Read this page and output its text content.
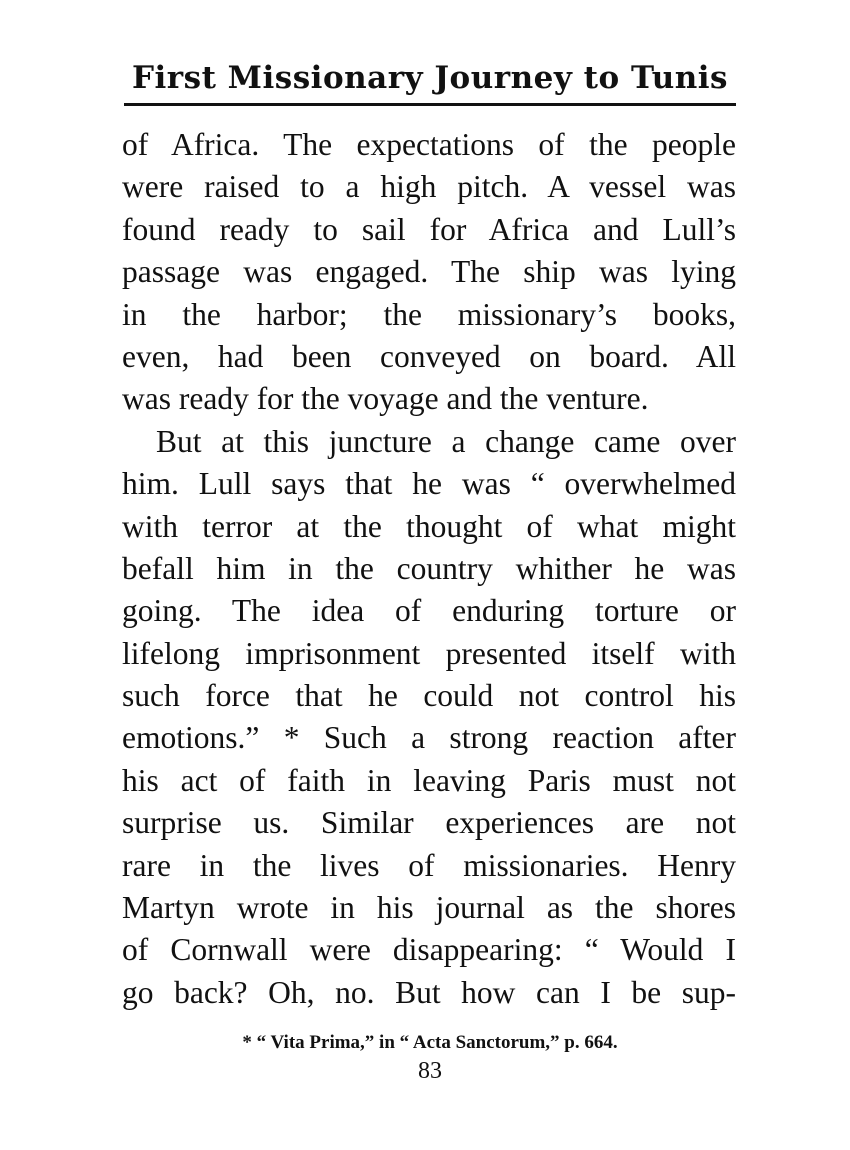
First Missionary Journey to Tunis
of Africa. The expectations of the people
were raised to a high pitch. A vessel was
found ready to sail for Africa and Lull’s
passage was engaged. The ship was lying
in the harbor; the missionary’s books,
even, had been conveyed on board. All
was ready for the voyage and the venture.
But at this juncture a change came over
him. Lull says that he was “ overwhelmed
with terror at the thought of what might
befall him in the country whither he was
going. The idea of enduring torture or
lifelong imprisonment presented itself with
such force that he could not control his
emotions.” * Such a strong reaction after
his act of faith in leaving Paris must not
surprise us. Similar experiences are not
rare in the lives of missionaries. Henry
Martyn wrote in his journal as the shores
of Cornwall were disappearing: “ Would I
go back? Oh, no. But how can I be sup-
* “ Vita Prima,” in “ Acta Sanctorum,” p. 664.
83
